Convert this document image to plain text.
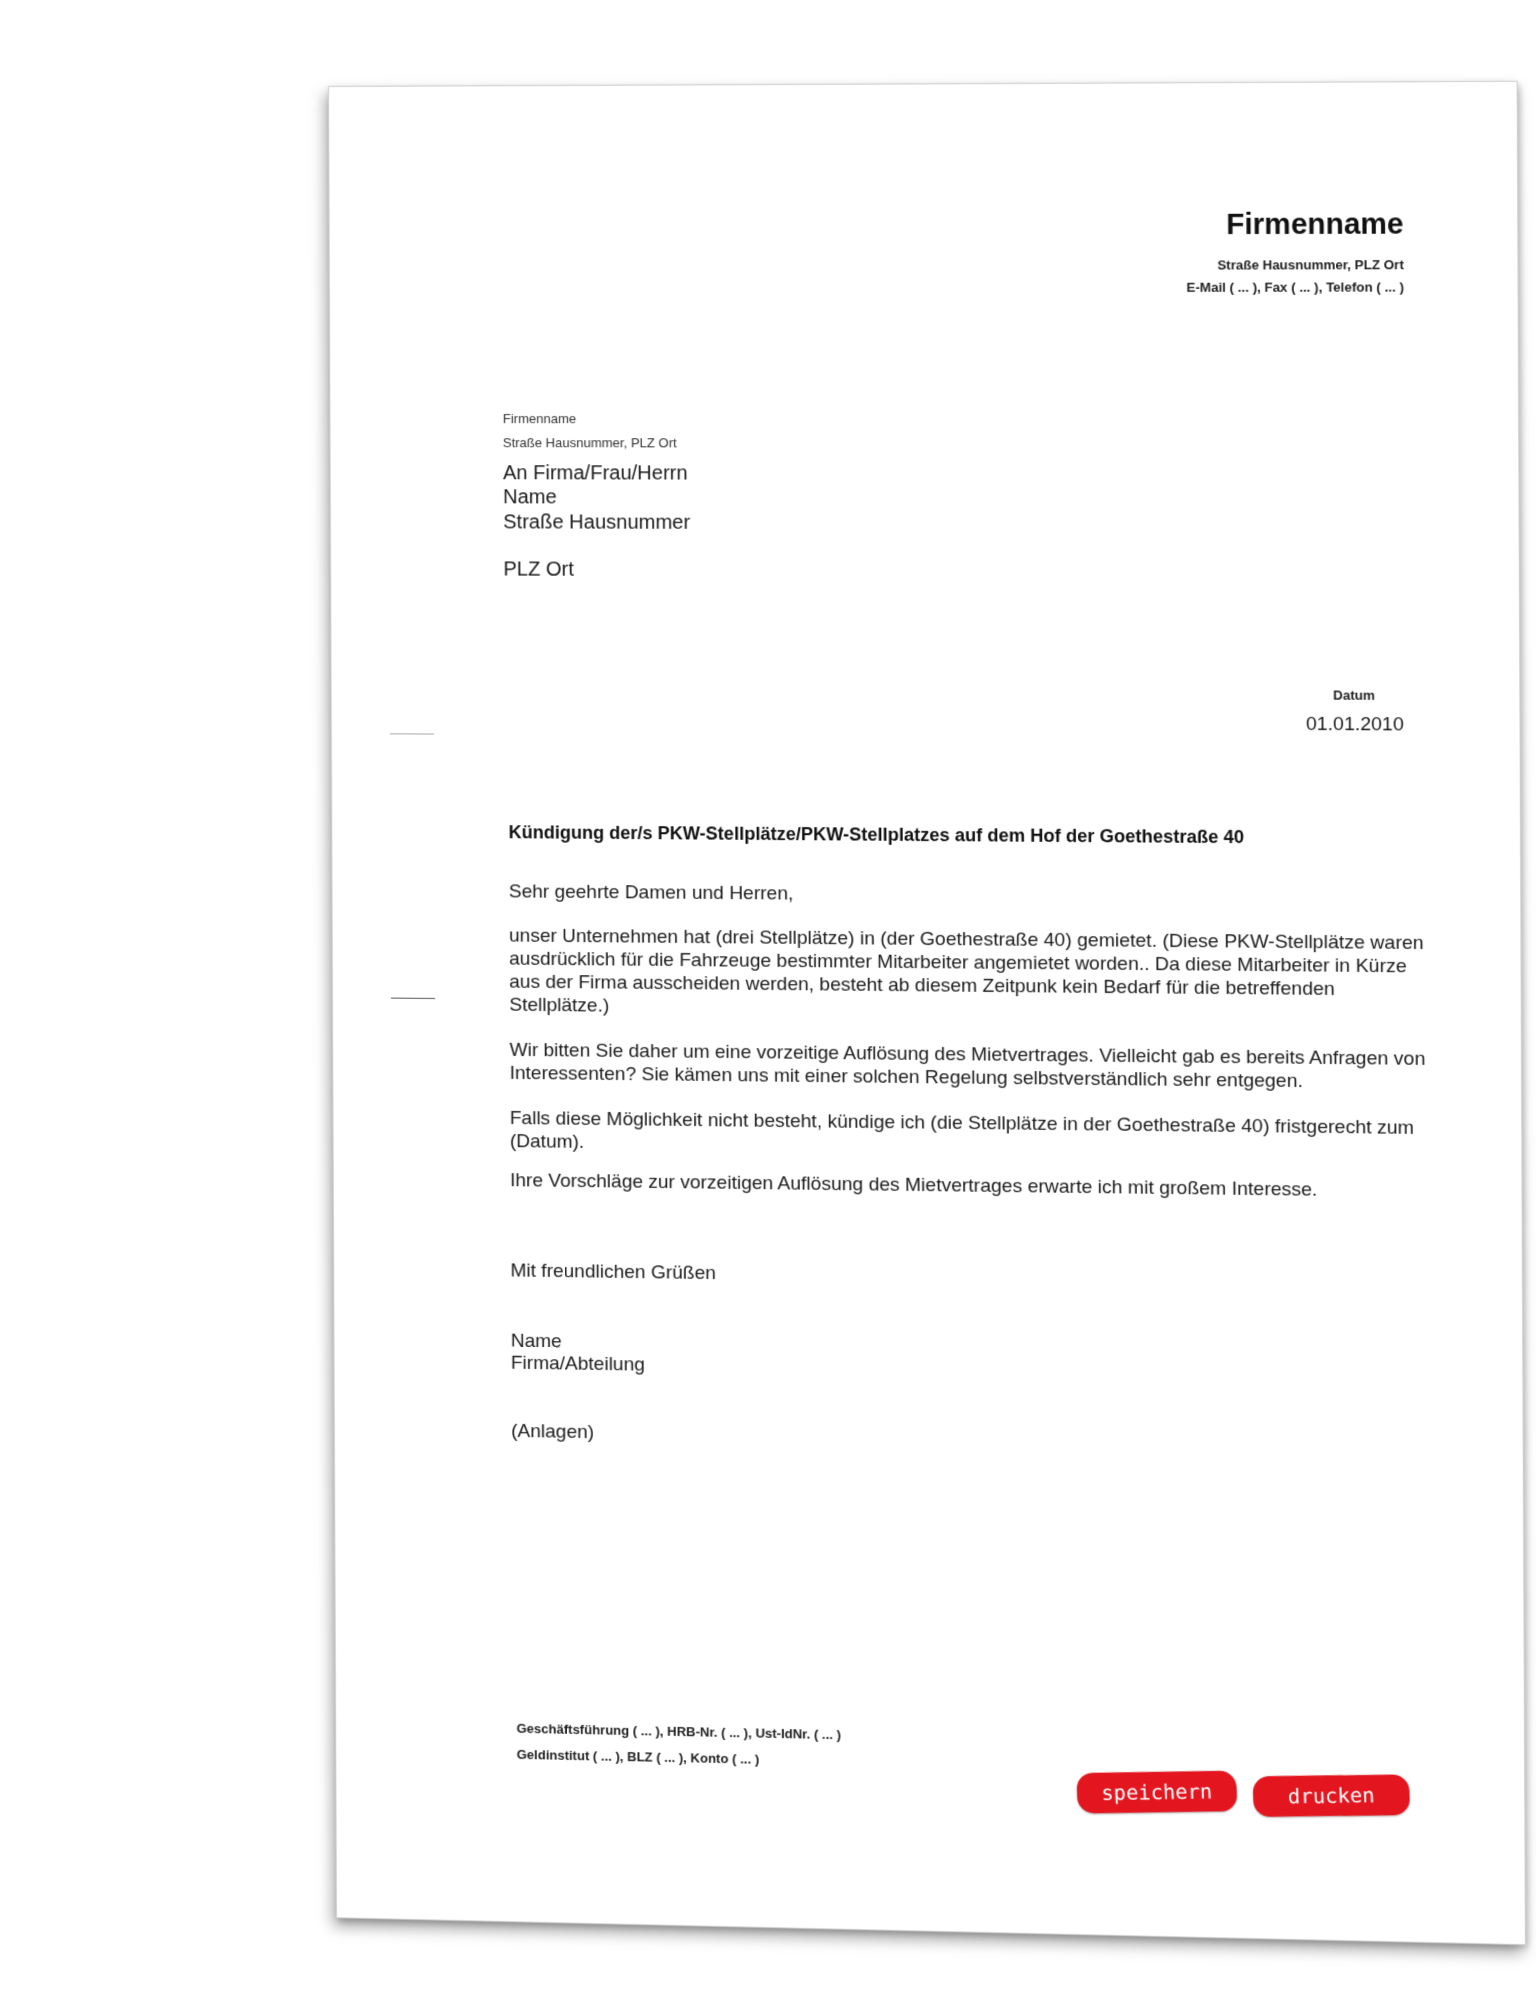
Firmenname
Straße Hausnummer, PLZ Ort
E-Mail ( ... ), Fax ( ... ), Telefon ( ... )
Firmenname
Straße Hausnummer, PLZ Ort
An Firma/Frau/Herrn
Name
Straße Hausnummer
PLZ Ort
Datum
01.01.2010
Kündigung der/s PKW-Stellplätze/PKW-Stellplatzes auf dem Hof der Goethestraße 40
Sehr geehrte Damen und Herren,

unser Unternehmen hat (drei Stellplätze) in (der Goethestraße 40) gemietet. (Diese PKW-Stellplätze waren ausdrücklich für die Fahrzeuge bestimmter Mitarbeiter angemietet worden.. Da diese Mitarbeiter in Kürze aus der Firma ausscheiden werden, besteht ab diesem Zeitpunk kein Bedarf für die betreffenden Stellplätze.)

Wir bitten Sie daher um eine vorzeitige Auflösung des Mietvertrages. Vielleicht gab es bereits Anfragen von Interessenten? Sie kämen uns mit einer solchen Regelung selbstverständlich sehr entgegen.

Falls diese Möglichkeit nicht besteht, kündige ich (die Stellplätze in der Goethestraße 40) fristgerecht zum (Datum).

Ihre Vorschläge zur vorzeitigen Auflösung des Mietvertrages erwarte ich mit großem Interesse.

Mit freundlichen Grüßen
Name
Firma/Abteilung
(Anlagen)
Geschäftsführung ( ... ), HRB-Nr. ( ... ), Ust-IdNr. ( ... )
Geldinstitut ( ... ), BLZ ( ... ), Konto ( ... )
speichern	drucken
